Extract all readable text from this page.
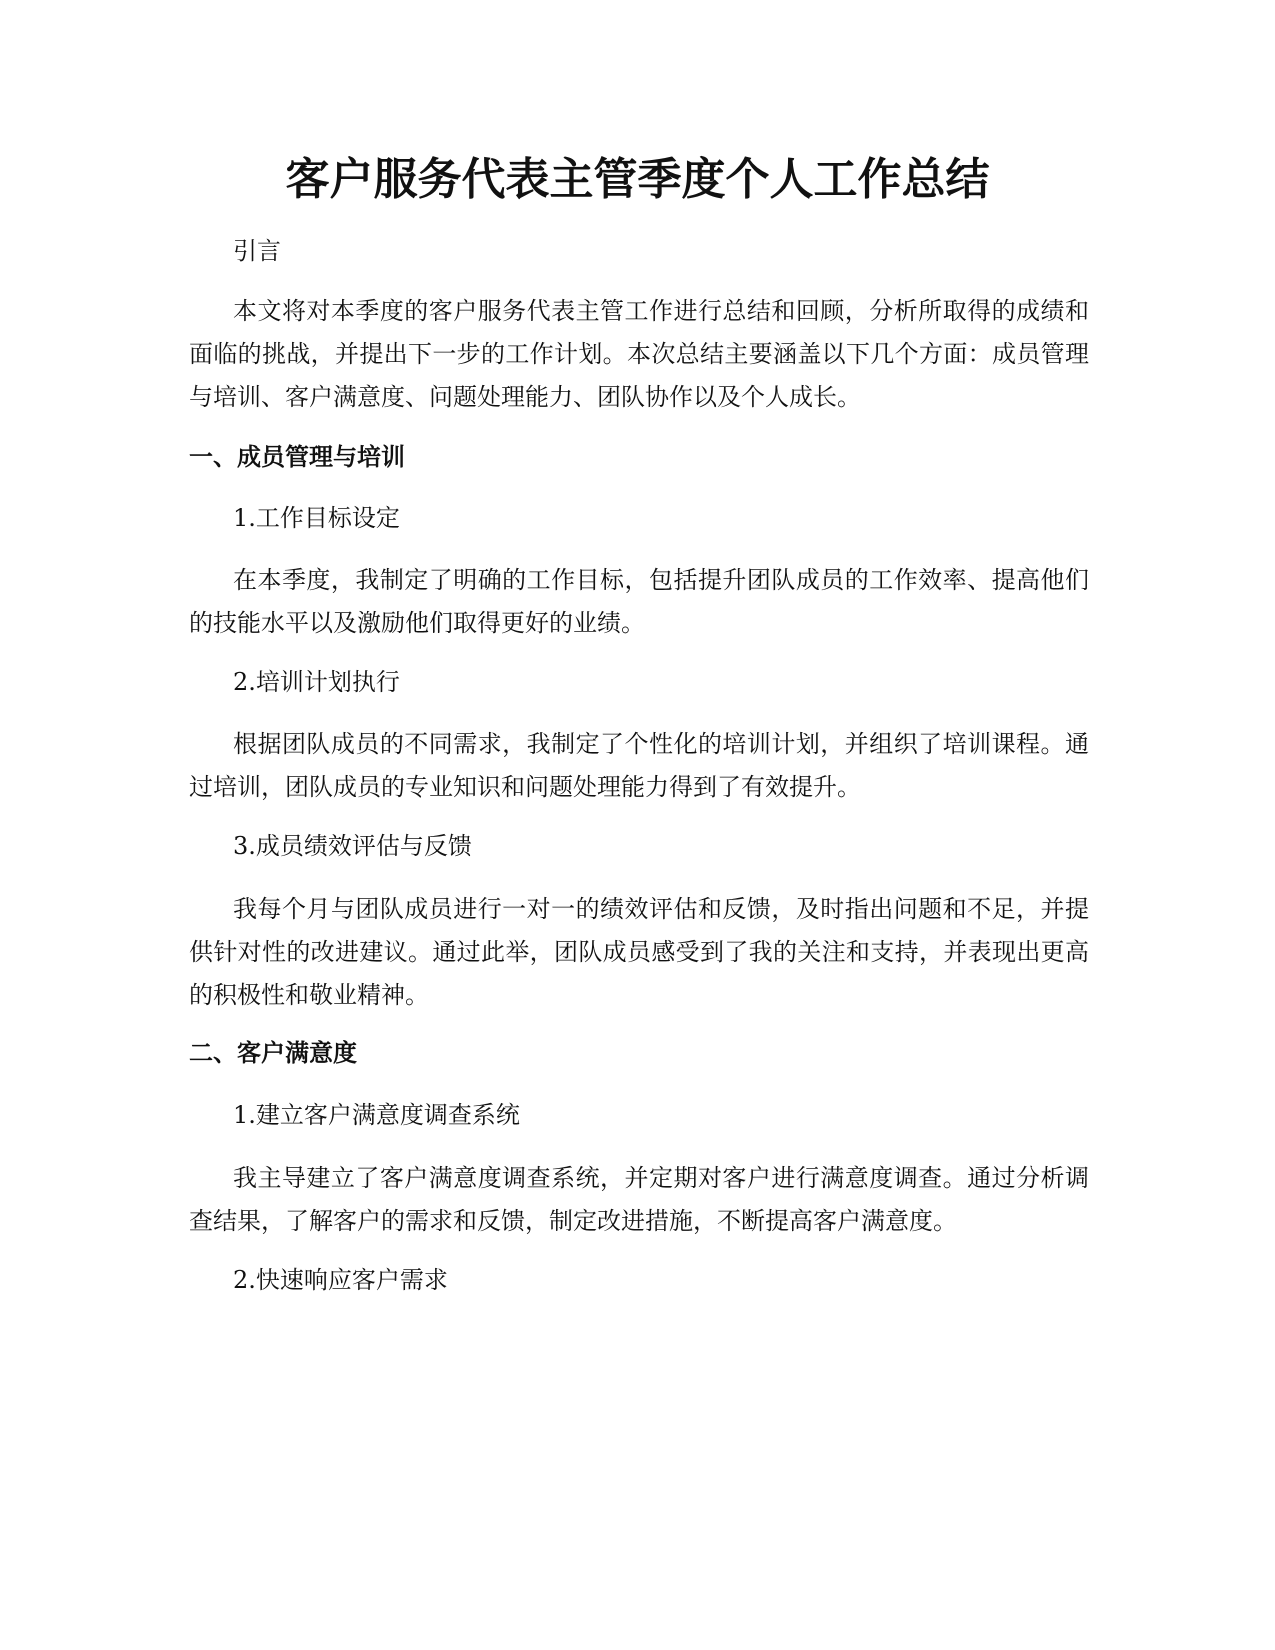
客户服务代表主管季度个人工作总结

引言

本文将对本季度的客户服务代表主管工作进行总结和回顾，分析所取得的成绩和面临的挑战，并提出下一步的工作计划。本次总结主要涵盖以下几个方面：成员管理与培训、客户满意度、问题处理能力、团队协作以及个人成长。

一、成员管理与培训

1.工作目标设定

在本季度，我制定了明确的工作目标，包括提升团队成员的工作效率、提高他们的技能水平以及激励他们取得更好的业绩。

2.培训计划执行

根据团队成员的不同需求，我制定了个性化的培训计划，并组织了培训课程。通过培训，团队成员的专业知识和问题处理能力得到了有效提升。

3.成员绩效评估与反馈

我每个月与团队成员进行一对一的绩效评估和反馈，及时指出问题和不足，并提供针对性的改进建议。通过此举，团队成员感受到了我的关注和支持，并表现出更高的积极性和敬业精神。

二、客户满意度

1.建立客户满意度调查系统

我主导建立了客户满意度调查系统，并定期对客户进行满意度调查。通过分析调查结果，了解客户的需求和反馈，制定改进措施，不断提高客户满意度。

2.快速响应客户需求
